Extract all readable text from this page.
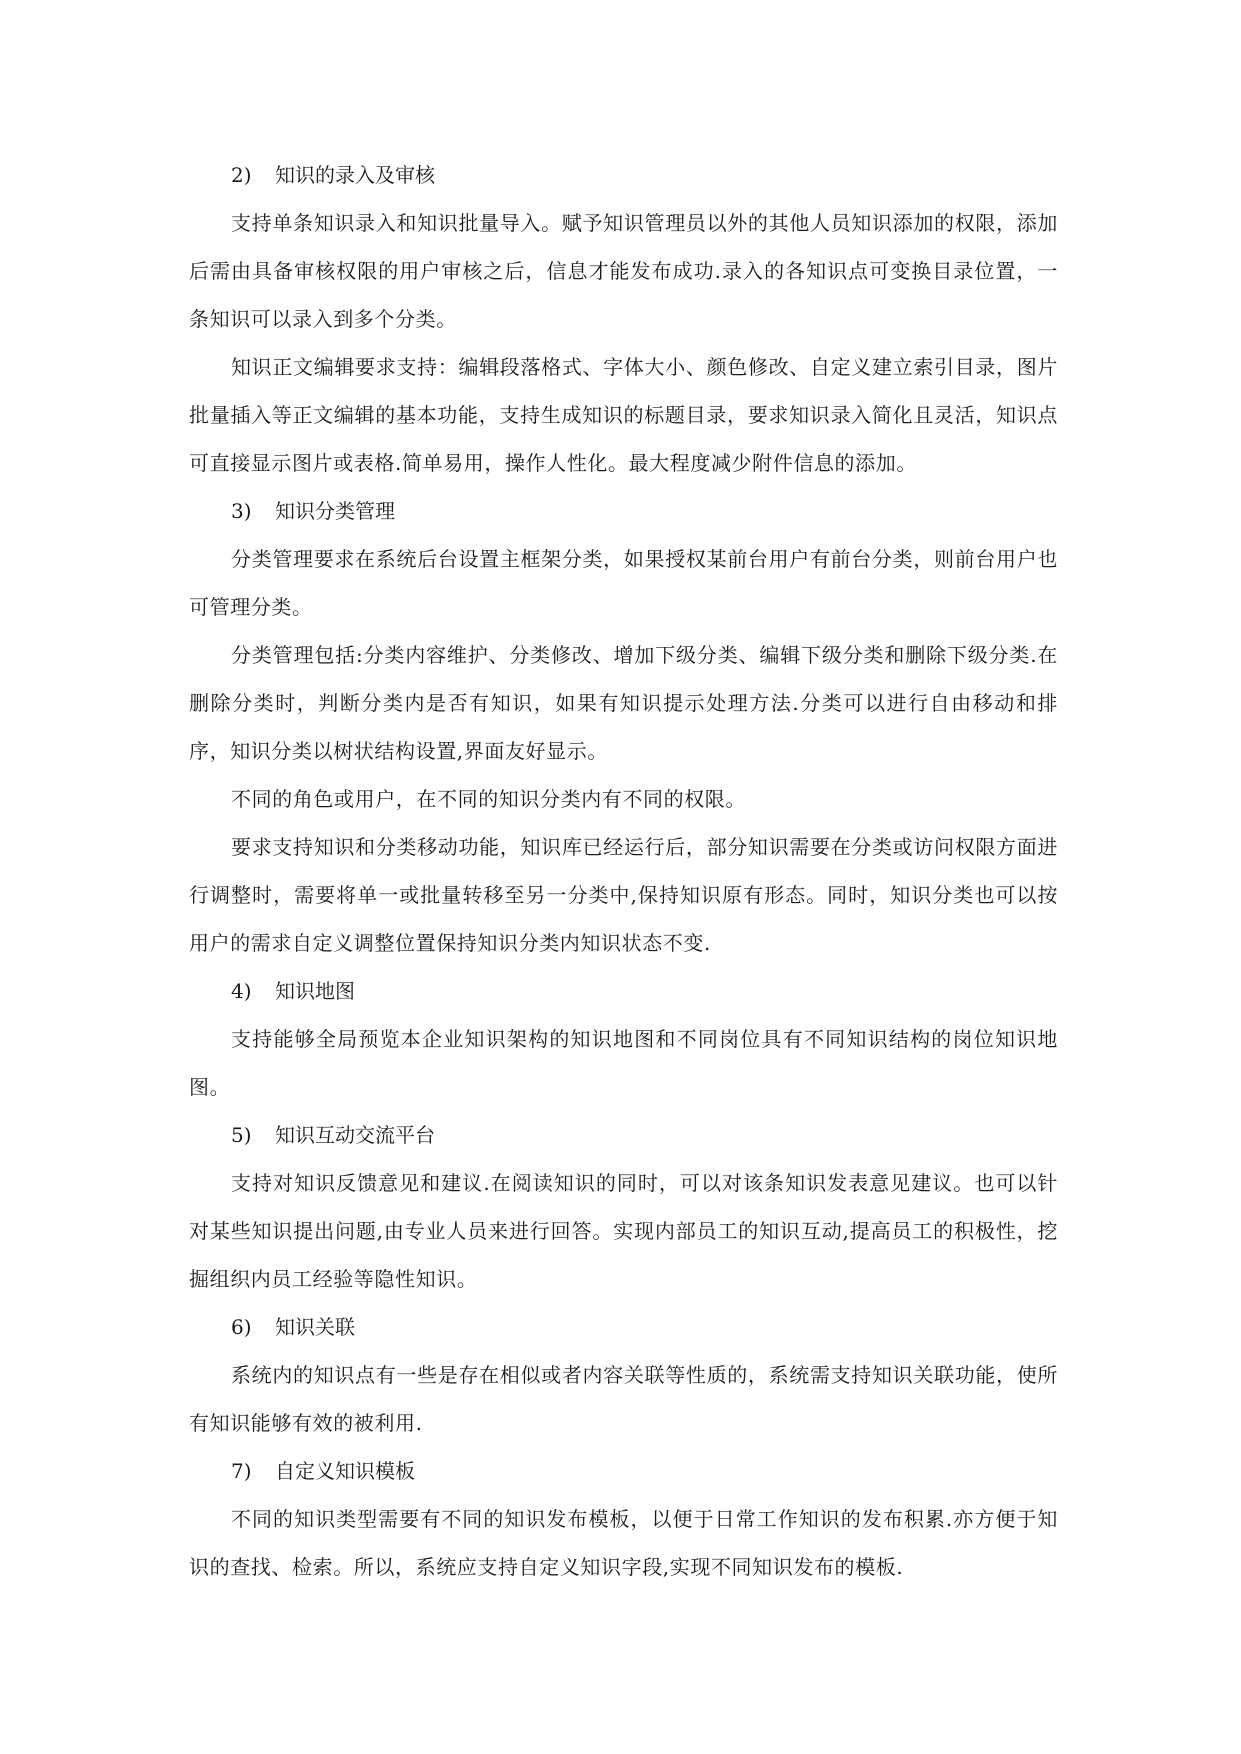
2) 知识的录入及审核

支持单条知识录入和知识批量导入。赋予知识管理员以外的其他人员知识添加的权限，添加后需由具备审核权限的用户审核之后，信息才能发布成功.录入的各知识点可变换目录位置，一条知识可以录入到多个分类。

知识正文编辑要求支持：编辑段落格式、字体大小、颜色修改、自定义建立索引目录，图片批量插入等正文编辑的基本功能，支持生成知识的标题目录，要求知识录入简化且灵活，知识点可直接显示图片或表格.简单易用，操作人性化。最大程度减少附件信息的添加。

3) 知识分类管理

分类管理要求在系统后台设置主框架分类，如果授权某前台用户有前台分类，则前台用户也可管理分类。

分类管理包括:分类内容维护、分类修改、增加下级分类、编辑下级分类和删除下级分类.在删除分类时，判断分类内是否有知识，如果有知识提示处理方法.分类可以进行自由移动和排序，知识分类以树状结构设置,界面友好显示。

不同的角色或用户，在不同的知识分类内有不同的权限。

要求支持知识和分类移动功能，知识库已经运行后，部分知识需要在分类或访问权限方面进行调整时，需要将单一或批量转移至另一分类中,保持知识原有形态。同时，知识分类也可以按用户的需求自定义调整位置保持知识分类内知识状态不变.

4) 知识地图

支持能够全局预览本企业知识架构的知识地图和不同岗位具有不同知识结构的岗位知识地图。

5) 知识互动交流平台

支持对知识反馈意见和建议.在阅读知识的同时，可以对该条知识发表意见建议。也可以针对某些知识提出问题,由专业人员来进行回答。实现内部员工的知识互动,提高员工的积极性，挖掘组织内员工经验等隐性知识。

6) 知识关联

系统内的知识点有一些是存在相似或者内容关联等性质的，系统需支持知识关联功能，使所有知识能够有效的被利用.

7) 自定义知识模板

不同的知识类型需要有不同的知识发布模板，以便于日常工作知识的发布积累.亦方便于知识的查找、检索。所以，系统应支持自定义知识字段,实现不同知识发布的模板.
